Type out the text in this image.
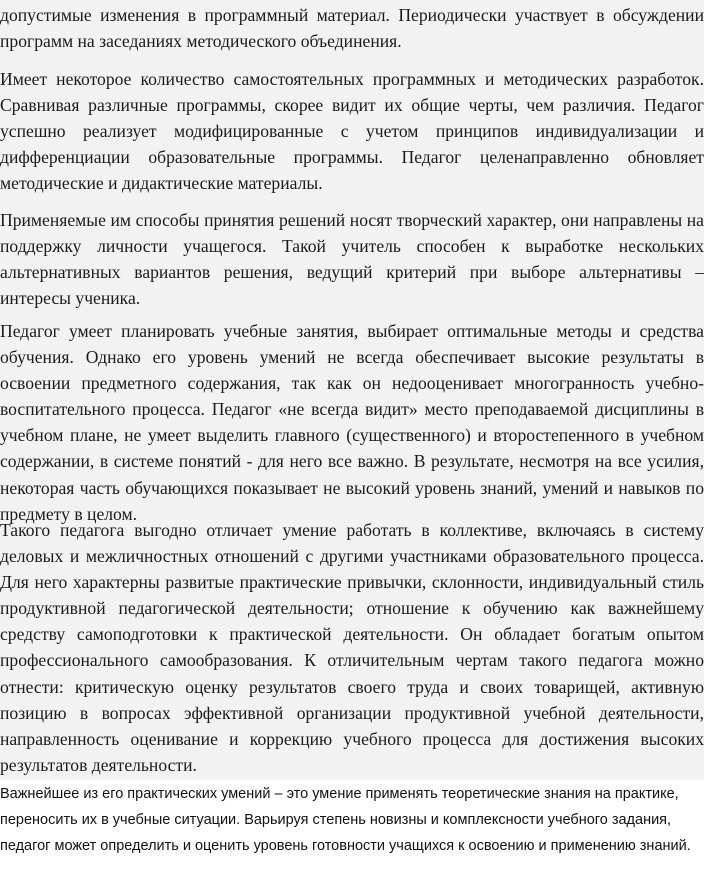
допустимые изменения в программный материал. Периодически участвует в обсуждении программ на заседаниях методического объединения.

Имеет некоторое количество самостоятельных программных и методических разработок. Сравнивая различные программы, скорее видит их общие черты, чем различия. Педагог успешно реализует модифицированные с учетом принципов индивидуализации и дифференциации образовательные программы. Педагог целенаправленно обновляет методические и дидактические материалы.

Применяемые им способы принятия решений носят творческий характер, они направлены на поддержку личности учащегося. Такой учитель способен к выработке нескольких альтернативных вариантов решения, ведущий критерий при выборе альтернативы – интересы ученика.

Педагог умеет планировать учебные занятия, выбирает оптимальные методы и средства обучения. Однако его уровень умений не всегда обеспечивает высокие результаты в освоении предметного содержания, так как он недооценивает многогранность учебно-воспитательного процесса. Педагог «не всегда видит» место преподаваемой дисциплины в учебном плане, не умеет выделить главного (существенного) и второстепенного в учебном содержании, в системе понятий - для него все важно. В результате, несмотря на все усилия, некоторая часть обучающихся показывает не высокий уровень знаний, умений и навыков по предмету в целом.

Такого педагога выгодно отличает умение работать в коллективе, включаясь в систему деловых и межличностных отношений с другими участниками образовательного процесса. Для него характерны развитые практические привычки, склонности, индивидуальный стиль продуктивной педагогической деятельности; отношение к обучению как важнейшему средству самоподготовки к практической деятельности. Он обладает богатым опытом профессионального самообразования. К отличительным чертам такого педагога можно отнести: критическую оценку результатов своего труда и своих товарищей, активную позицию в вопросах эффективной организации продуктивной учебной деятельности, направленность оценивание и коррекцию учебного процесса для достижения высоких результатов деятельности.

Важнейшее из его практических умений – это умение применять теоретические знания на практике, переносить их в учебные ситуации. Варьируя степень новизны и комплексности учебного задания, педагог может определить и оценить уровень готовности учащихся к освоению и применению знаний.
